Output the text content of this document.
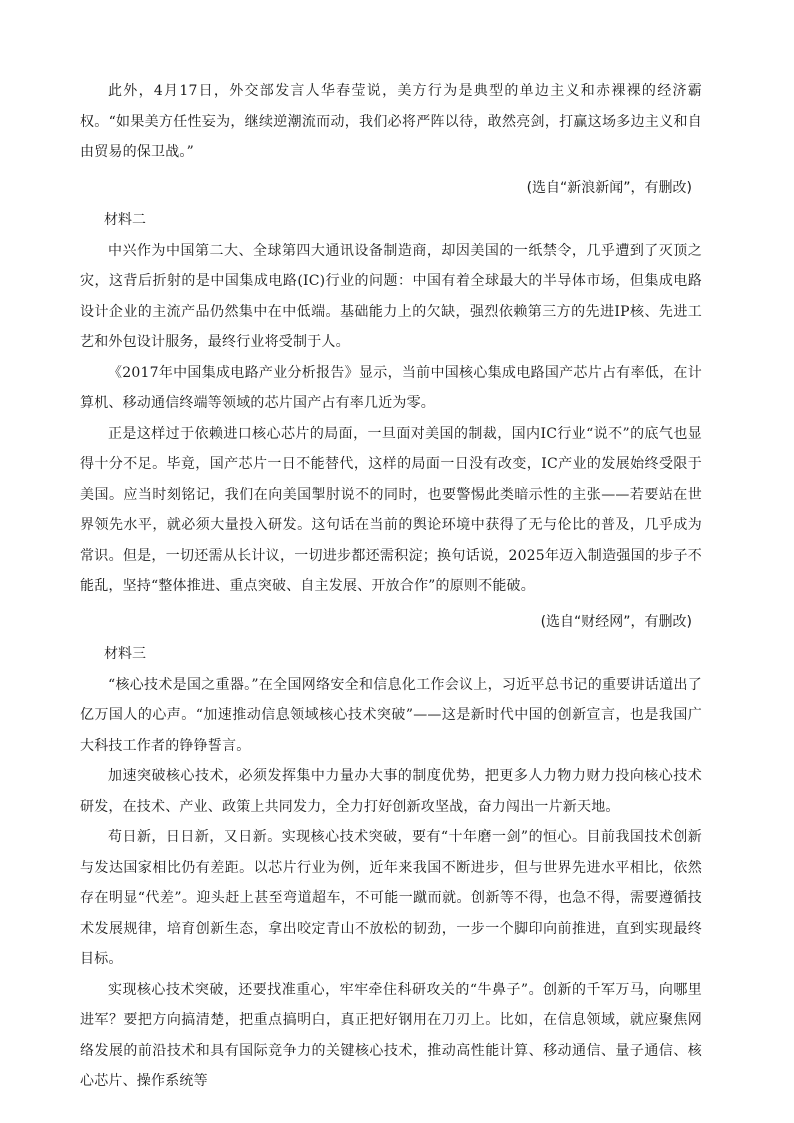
此外，4月17日，外交部发言人华春莹说，美方行为是典型的单边主义和赤裸裸的经济霸权。“如果美方任性妄为，继续逆潮流而动，我们必将严阵以待，敢然亮剑，打赢这场多边主义和自由贸易的保卫战。”

(选自“新浪新闻”，有删改)
材料二

中兴作为中国第二大、全球第四大通讯设备制造商，却因美国的一纸禁令，几乎遭到了灭顶之灾，这背后折射的是中国集成电路(IC)行业的问题：中国有着全球最大的半导体市场，但集成电路设计企业的主流产品仍然集中在中低端。基础能力上的欠缺，强烈依赖第三方的先进IP核、先进工艺和外包设计服务，最终行业将受制于人。

《2017年中国集成电路产业分析报告》显示，当前中国核心集成电路国产芯片占有率低，在计算机、移动通信终端等领域的芯片国产占有率几近为零。

正是这样过于依赖进口核心芯片的局面，一旦面对美国的制裁，国内IC行业“说不”的底气也显得十分不足。毕竟，国产芯片一日不能替代，这样的局面一日没有改变，IC产业的发展始终受限于美国。应当时刻铭记，我们在向美国掣肘说不的同时，也要警惕此类暗示性的主张——若要站在世界领先水平，就必须大量投入研发。这句话在当前的舆论环境中获得了无与伦比的普及，几乎成为常识。但是，一切还需从长计议，一切进步都还需积淀；换句话说，2025年迈入制造强国的步子不能乱，坚持“整体推进、重点突破、自主发展、开放合作”的原则不能破。

(选自“财经网”，有删改)
材料三

“核心技术是国之重器。”在全国网络安全和信息化工作会议上，习近平总书记的重要讲话道出了亿万国人的心声。“加速推动信息领域核心技术突破”——这是新时代中国的创新宣言，也是我国广大科技工作者的铮铮誓言。

加速突破核心技术，必须发挥集中力量办大事的制度优势，把更多人力物力财力投向核心技术研发，在技术、产业、政策上共同发力，全力打好创新攻坚战，奋力闯出一片新天地。

苟日新，日日新，又日新。实现核心技术突破，要有“十年磨一剑”的恒心。目前我国技术创新与发达国家相比仍有差距。以芯片行业为例，近年来我国不断进步，但与世界先进水平相比，依然存在明显“代差”。迎头赶上甚至弯道超车，不可能一蹴而就。创新等不得，也急不得，需要遵循技术发展规律，培育创新生态，拿出咬定青山不放松的韧劲，一步一个脚印向前推进，直到实现最终目标。

实现核心技术突破，还要找准重心，牢牢牵住科研攻关的“牛鼻子”。创新的千军万马，向哪里进军？要把方向搞清楚，把重点搞明白，真正把好钢用在刀刃上。比如，在信息领域，就应聚焦网络发展的前沿技术和具有国际竞争力的关键核心技术，推动高性能计算、移动通信、量子通信、核心芯片、操作系统等
